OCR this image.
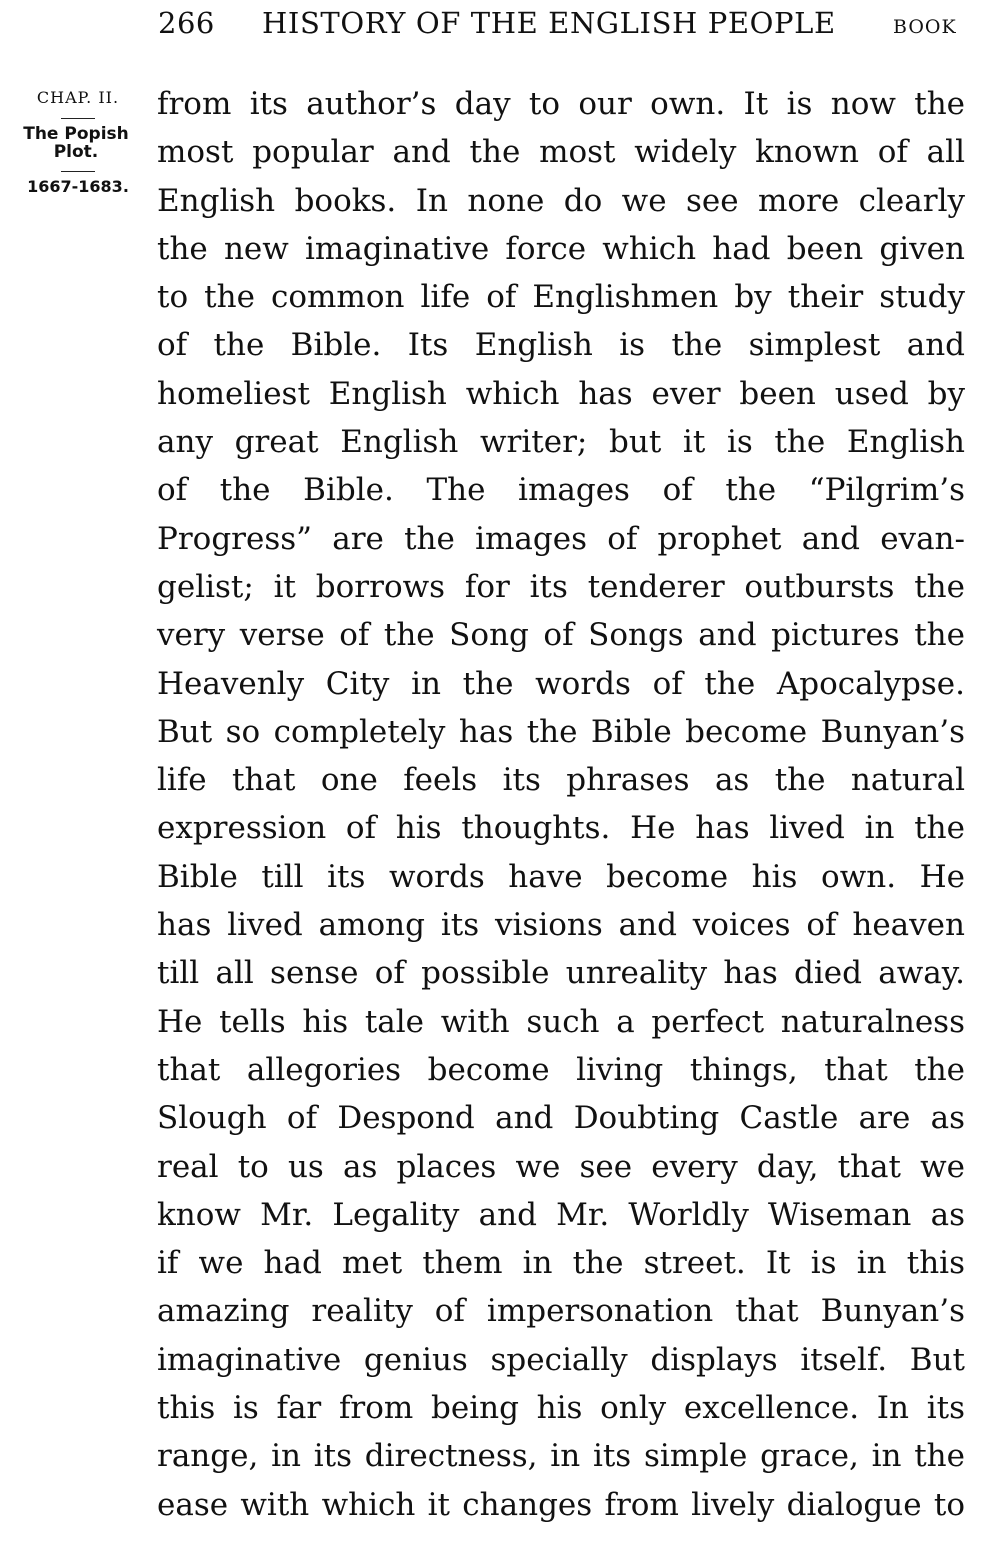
266 HISTORY OF THE ENGLISH PEOPLE	BOOK
CHAP. II.
The Popish
Plot.
1667-1683.
from its author’s day to our own. It is now the
most popular and the most widely known of all
English books. In none do we see more clearly
the new imaginative force which had been given
to the common life of Englishmen by their study
of the Bible. Its English is the simplest and
homeliest English which has ever been used by
any great English writer; but it is the English
of the Bible. The images of the “Pilgrim’s
Progress” are the images of prophet and evan-
gelist; it borrows for its tenderer outbursts the
very verse of the Song of Songs and pictures the
Heavenly City in the words of the Apocalypse.
But so completely has the Bible become Bunyan’s
life that one feels its phrases as the natural
expression of his thoughts. He has lived in the
Bible till its words have become his own. He
has lived among its visions and voices of heaven
till all sense of possible unreality has died away.
He tells his tale with such a perfect naturalness
that allegories become living things, that the
Slough of Despond and Doubting Castle are as
real to us as places we see every day, that we
know Mr. Legality and Mr. Worldly Wiseman as
if we had met them in the street. It is in this
amazing reality of impersonation that Bunyan’s
imaginative genius specially displays itself. But
this is far from being his only excellence. In its
range, in its directness, in its simple grace, in the
ease with which it changes from lively dialogue to
